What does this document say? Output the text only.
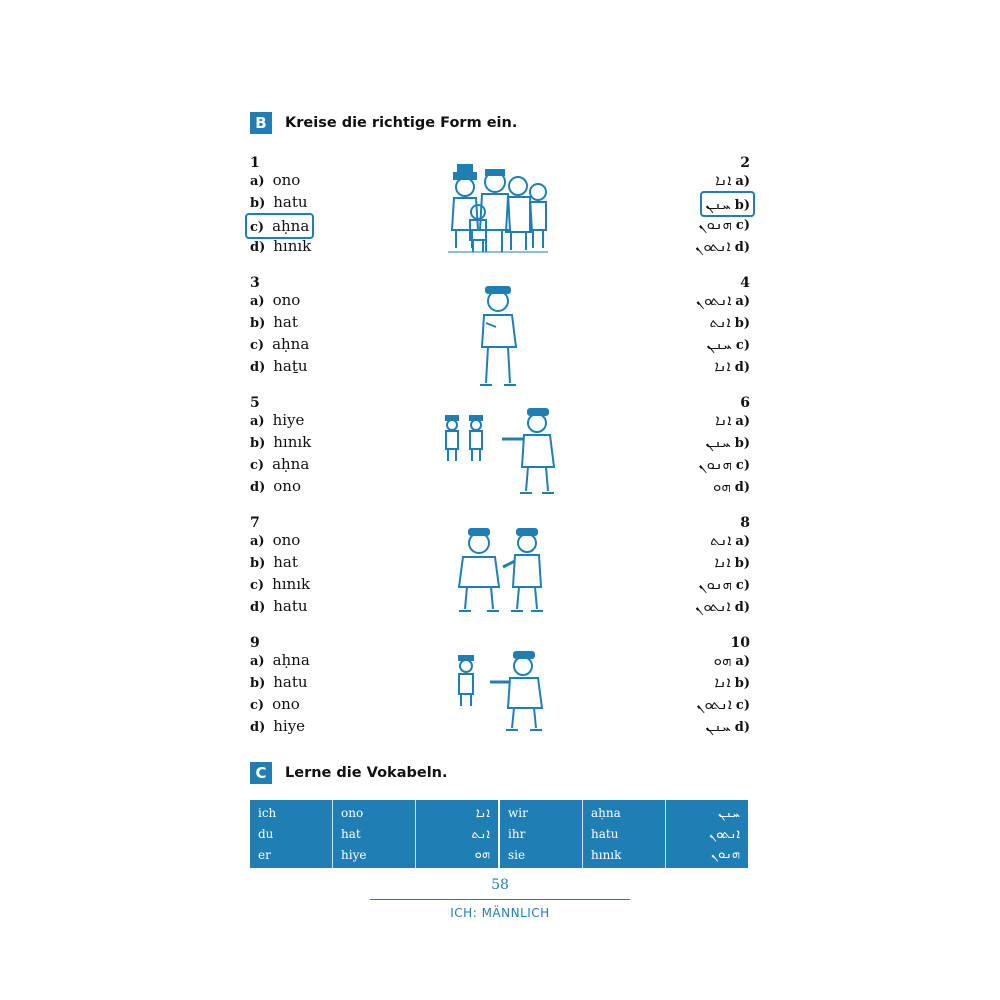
B	Kreise die richtige Form ein.
1
a) ono
b) hatu
c) aḥna
d) hınık
2
ܐܢܐ a)
ܚܢܢ b)
ܗܢܘܢ c)
ܐܢܬܘܢ d)
3
a) ono
b) hat
c) aḥna
d) haṯu
4
ܐܢܬܘܢ a)
ܐܢܬ b)
ܚܢܢ c)
ܐܢܐ d)
5
a) hiye
b) hınık
c) aḥna
d) ono
6
ܐܢܐ a)
ܚܢܢ b)
ܗܢܘܢ c)
ܗܘ d)
7
a) ono
b) hat
c) hınık
d) hatu
8
ܐܢܬ a)
ܐܢܐ b)
ܗܢܘܢ c)
ܐܢܬܘܢ d)
9
a) aḥna
b) hatu
c) ono
d) hiye
10
ܗܘ a)
ܐܢܐ b)
ܐܢܬܘܢ c)
ܚܢܢ d)
C	Lerne die Vokabeln.
ich
du
er
ono
hat
hiye
ܐܢܐ
ܐܢܬ
ܗܘ
wir
ihr
sie
aḥna
hatu
hınık
ܚܢܢ
ܐܢܬܘܢ
ܗܢܘܢ
58
ICH: MÄNNLICH
